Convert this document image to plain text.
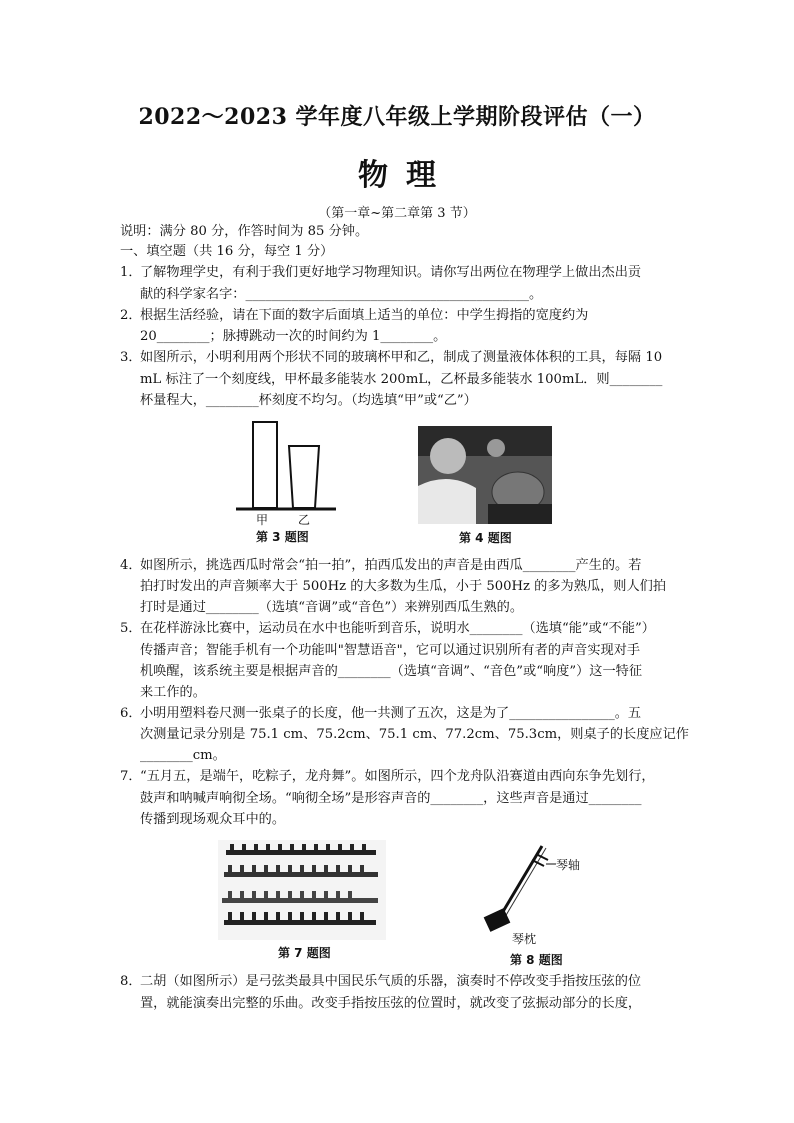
2022～2023 学年度八年级上学期阶段评估（一）
物理
（第一章~第二章第 3 节）
说明：满分 80 分，作答时间为 85 分钟。
一、填空题（共 16 分，每空 1 分）
1．了解物理学史，有利于我们更好地学习物理知识。请你写出两位在物理学上做出杰出贡
献的科学家名字：___________________________________________。
2．根据生活经验，请在下面的数字后面填上适当的单位：中学生拇指的宽度约为
20________；脉搏跳动一次的时间约为 1________。
3．如图所示，小明利用两个形状不同的玻璃杯甲和乙，制成了测量液体体积的工具，每隔 10
mL 标注了一个刻度线，甲杯最多能装水 200mL，乙杯最多能装水 100mL．则________
杯量程大，________杯刻度不均匀。（均选填“甲”或“乙”）
甲 乙
第 3 题图	第 4 题图
4．如图所示，挑选西瓜时常会“拍一拍”，拍西瓜发出的声音是由西瓜________产生的。若
拍打时发出的声音频率大于 500Hz 的大多数为生瓜，小于 500Hz 的多为熟瓜，则人们拍
打时是通过________（选填“音调”或“音色”）来辨别西瓜生熟的。
5．在花样游泳比赛中，运动员在水中也能听到音乐，说明水________（选填“能”或“不能”）
传播声音；智能手机有一个功能叫"智慧语音"，它可以通过识别所有者的声音实现对手
机唤醒，该系统主要是根据声音的________（选填“音调”、“音色”或“响度”）这一特征
来工作的。
6．小明用塑料卷尺测一张桌子的长度，他一共测了五次，这是为了________________。五
次测量记录分别是 75.1 cm、75.2cm、75.1 cm、77.2cm、75.3cm，则桌子的长度应记作
________cm。
7．“五月五，是端午，吃粽子，龙舟舞”。如图所示，四个龙舟队沿赛道由西向东争先划行，
鼓声和呐喊声响彻全场。“响彻全场”是形容声音的________，这些声音是通过________
传播到现场观众耳中的。
第 7 题图
琴轴
琴枕
第 8 题图
8．二胡（如图所示）是弓弦类最具中国民乐气质的乐器，演奏时不停改变手指按压弦的位
置，就能演奏出完整的乐曲。改变手指按压弦的位置时，就改变了弦振动部分的长度，
